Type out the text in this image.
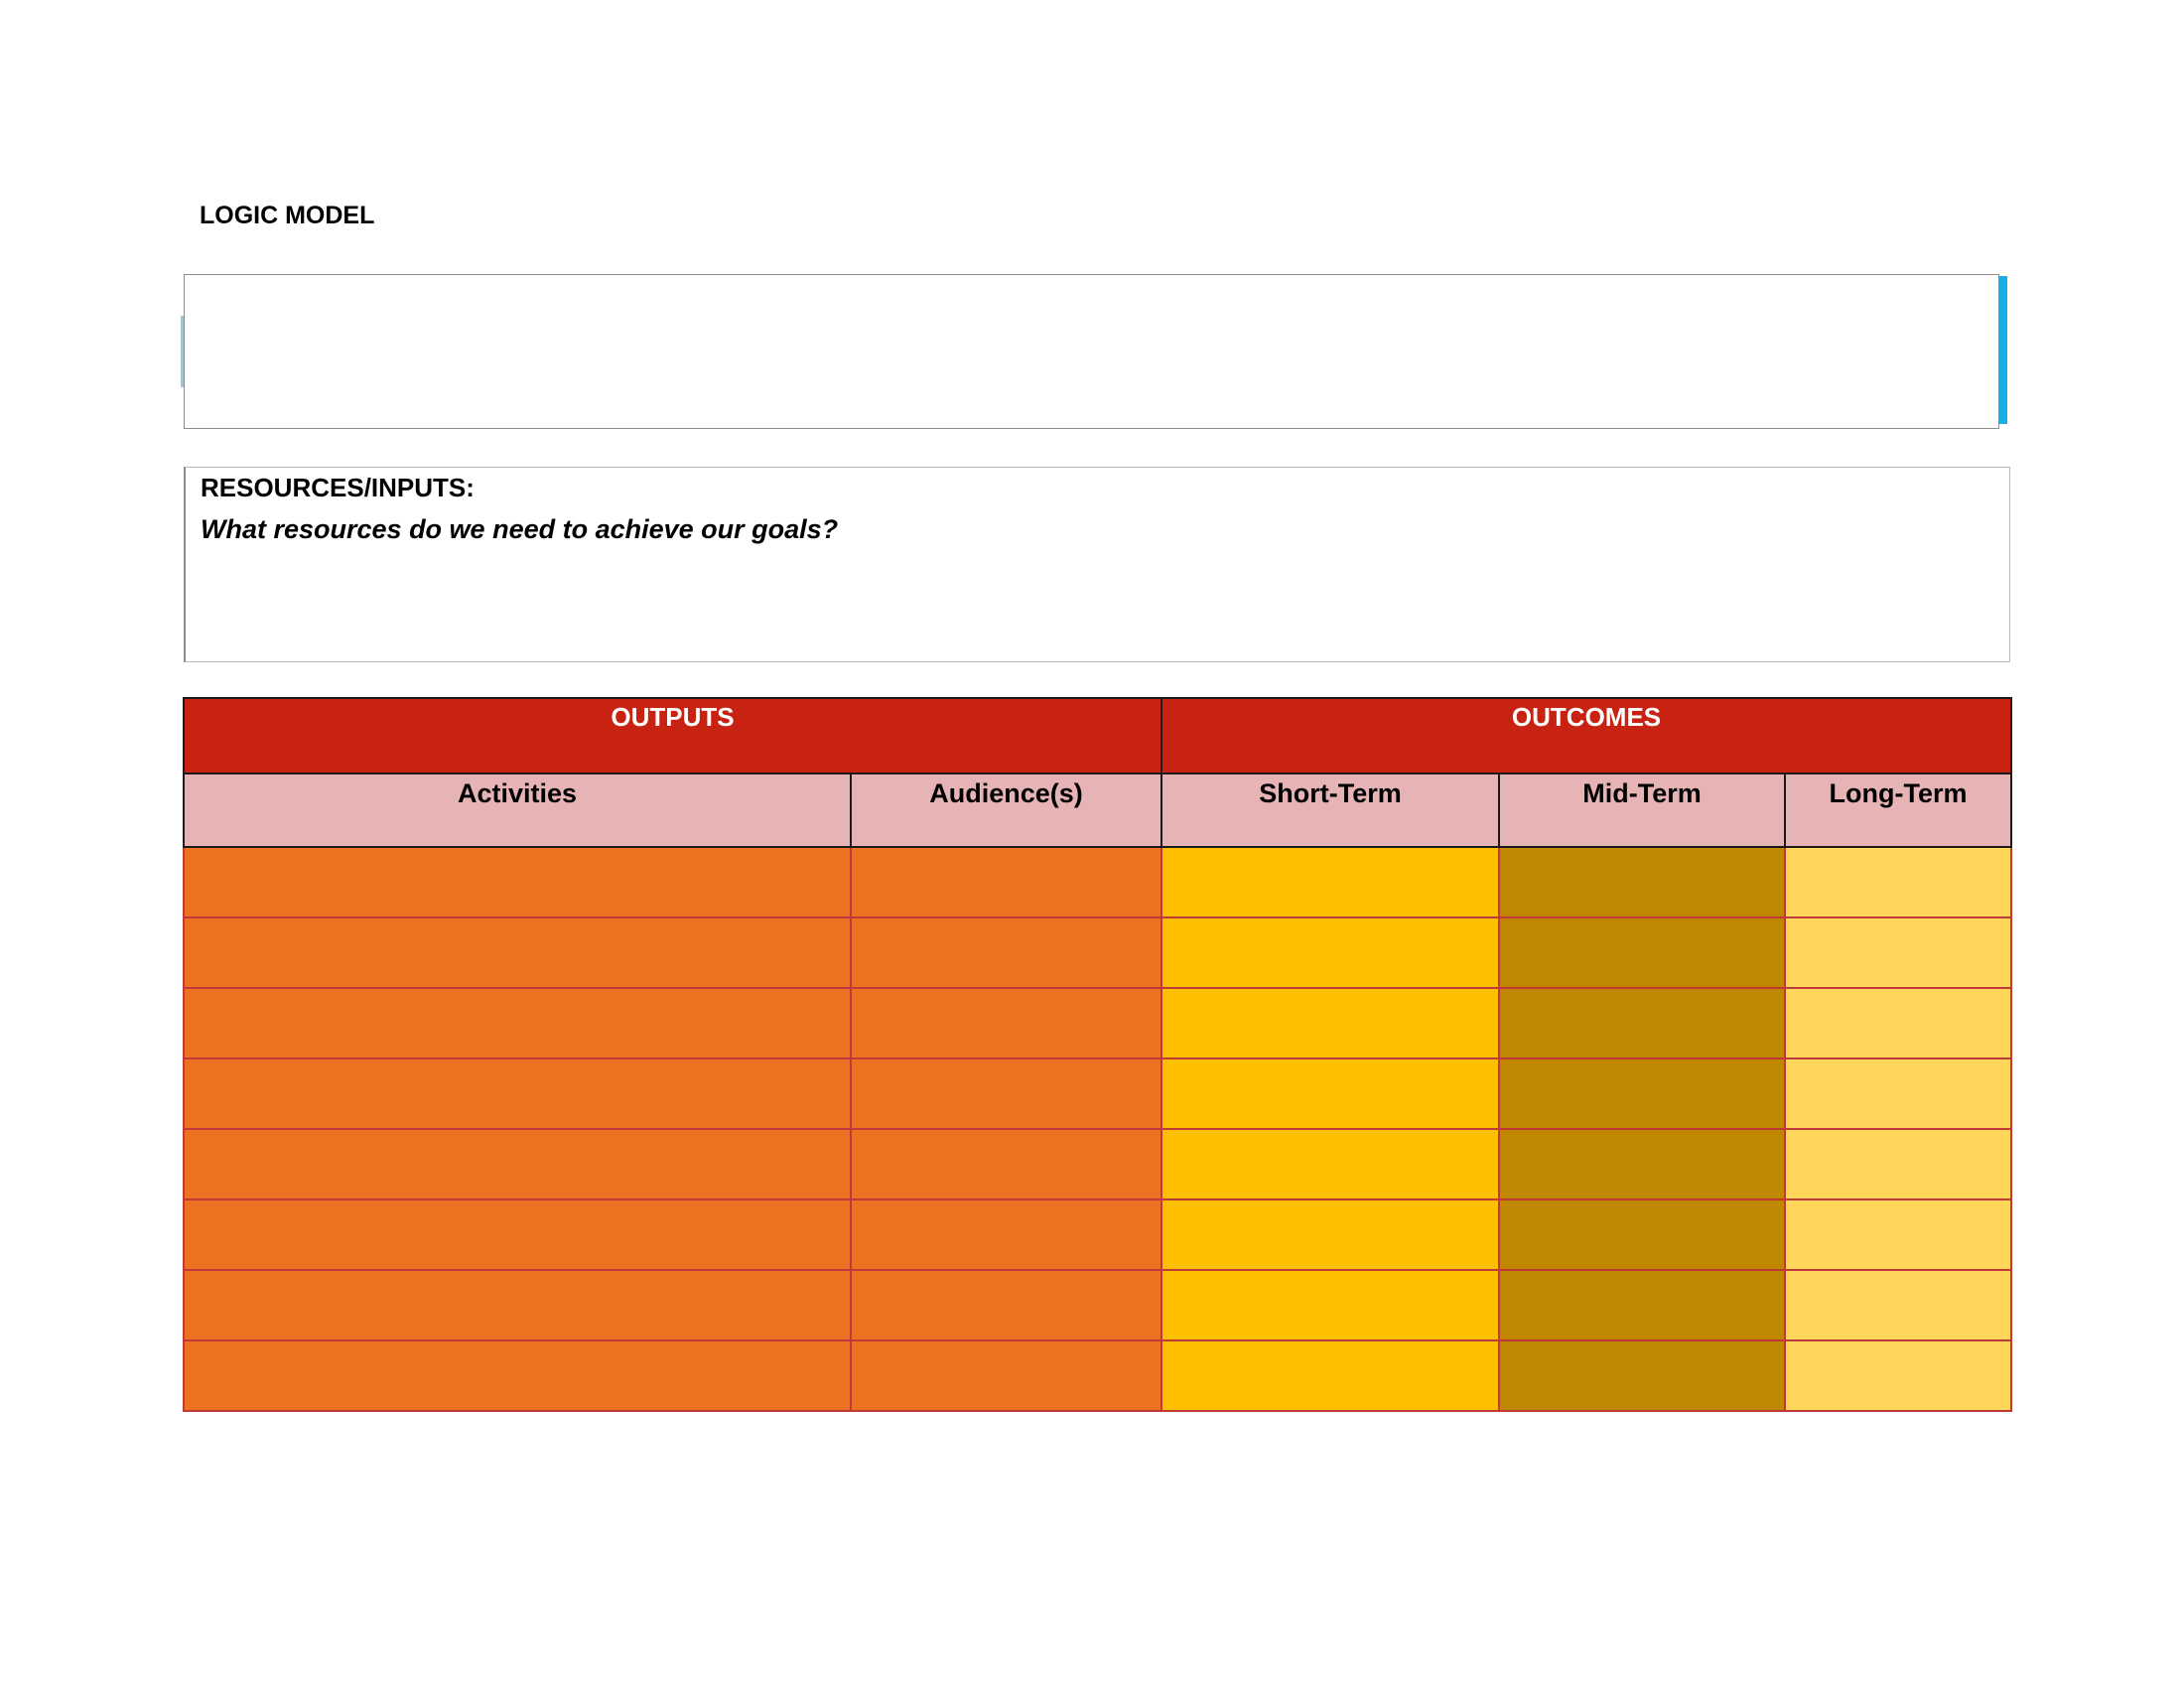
LOGIC MODEL
RESOURCES/INPUTS:
What resources do we need to achieve our goals?
OUTPUTS		OUTCOMES		
Activities	Audience(s)	Short-Term	Mid-Term	Long-Term
